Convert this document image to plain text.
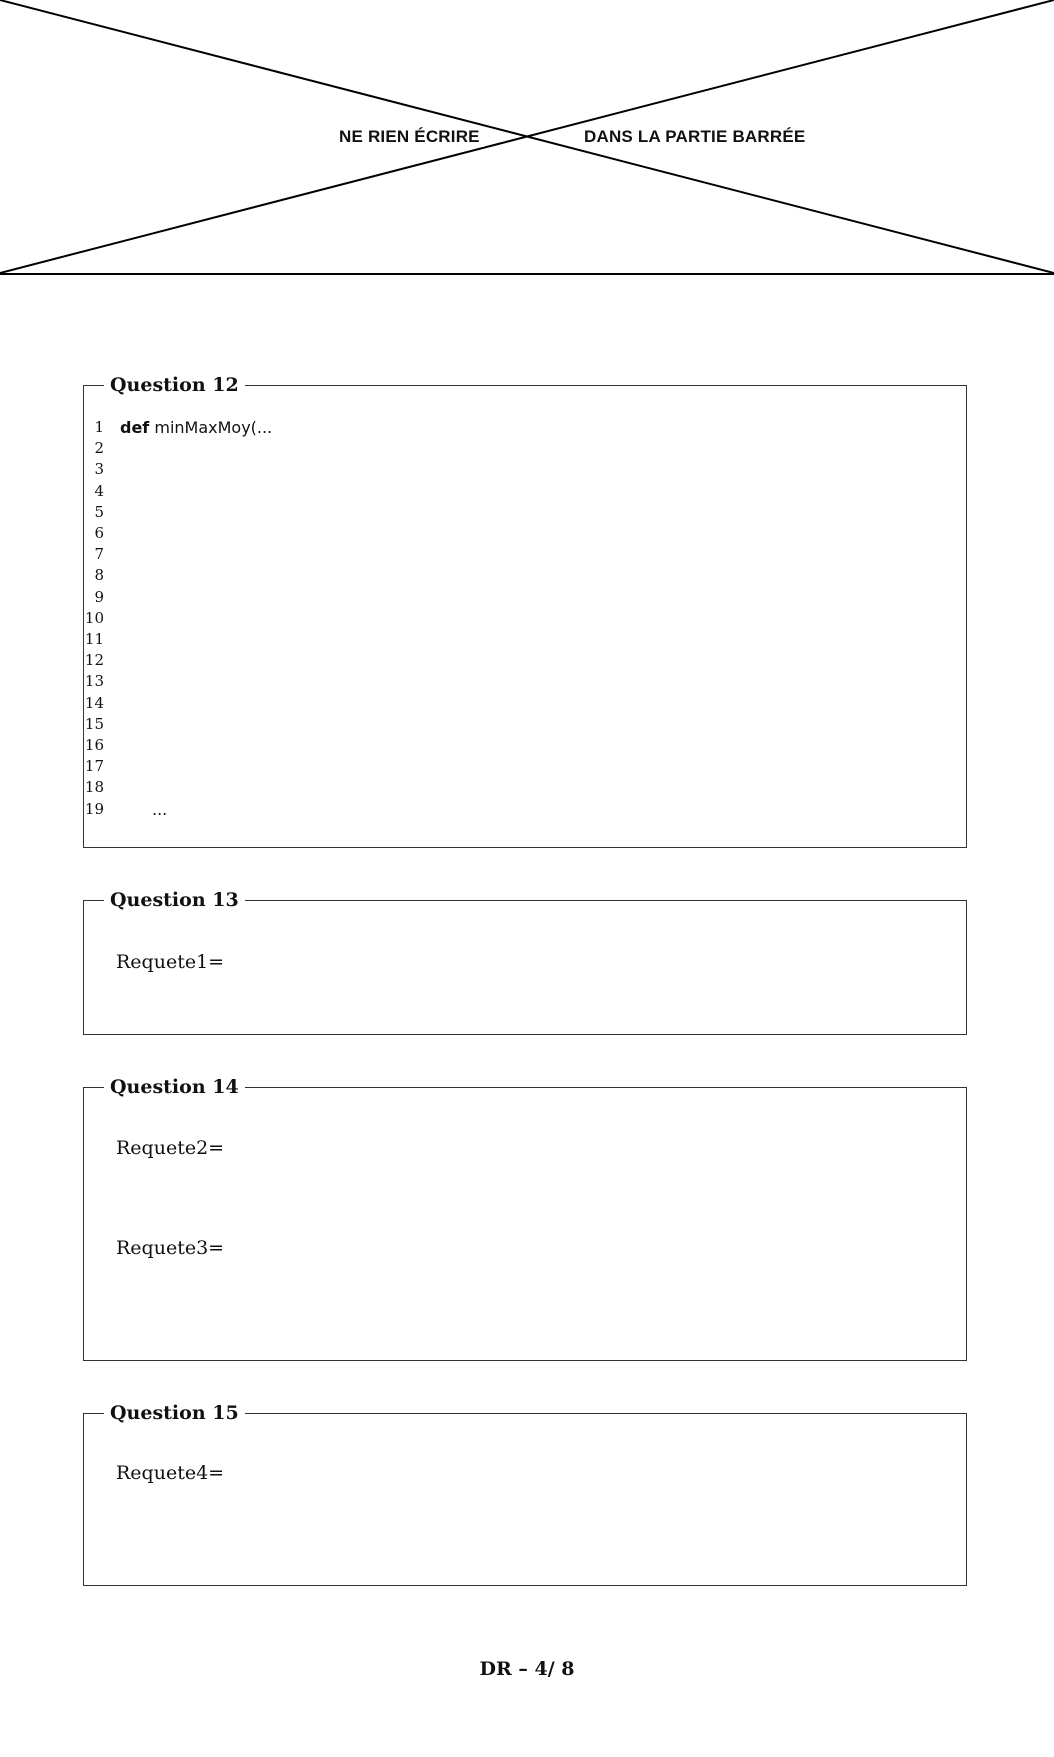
NE RIEN ÉCRIRE	DANS LA PARTIE BARRÉE
Question 12
1
2
3
4
5
6
7
8
9
10
11
12
13
14
15
16
17
18
19
def minMaxMoy(...
...
Question 13
Requete1=
Question 14
Requete2=
Requete3=
Question 15
Requete4=
DR – 4/ 8
